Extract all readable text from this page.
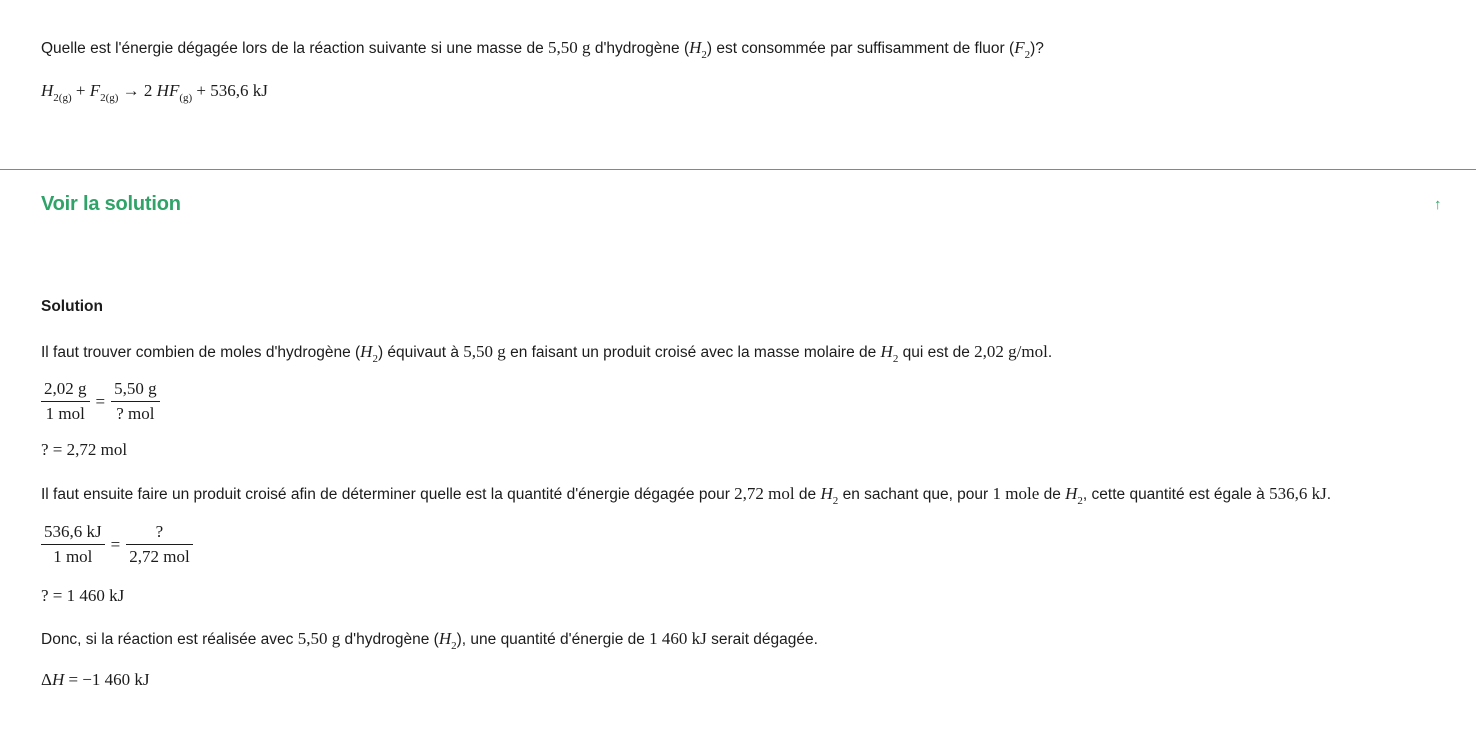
Quelle est l'énergie dégagée lors de la réaction suivante si une masse de 5,50 g d'hydrogène $(H_2)$ est consommée par suffisamment de fluor $(F_2)$?
$H_{2(g)} + F_{2(g)} \to 2$ $HF_{(g)} + 536,6$ kJ
Voir la solution	↑
Solution
Il faut trouver combien de moles d'hydrogène $(H_2)$ équivaut à 5,50 g en faisant un produit croisé avec la masse molaire de $H_2$ qui est de 2,02 g/mol.
$\frac{2,02 g}{\text{1 mol}} = \frac{5,50 g}{\text{? mol}}$
? = 2,72 mol
Il faut ensuite faire un produit croisé afin de déterminer quelle est la quantité d'énergie dégagée pour 2,72 mol de $H_2$ en sachant que, pour 1 mole de $H_2$, cette quantité est égale à 536,6 kJ.
$\frac{536,6 kJ}{\text{1 mol}} = \frac{?}{\text{2,72 mol}}$
? = 1 460 kJ
Donc, si la réaction est réalisée avec 5,50 g d'hydrogène $(H_2)$, une quantité d'énergie de 1 460 kJ serait dégagée.
ΔH = −1 460 kJ
